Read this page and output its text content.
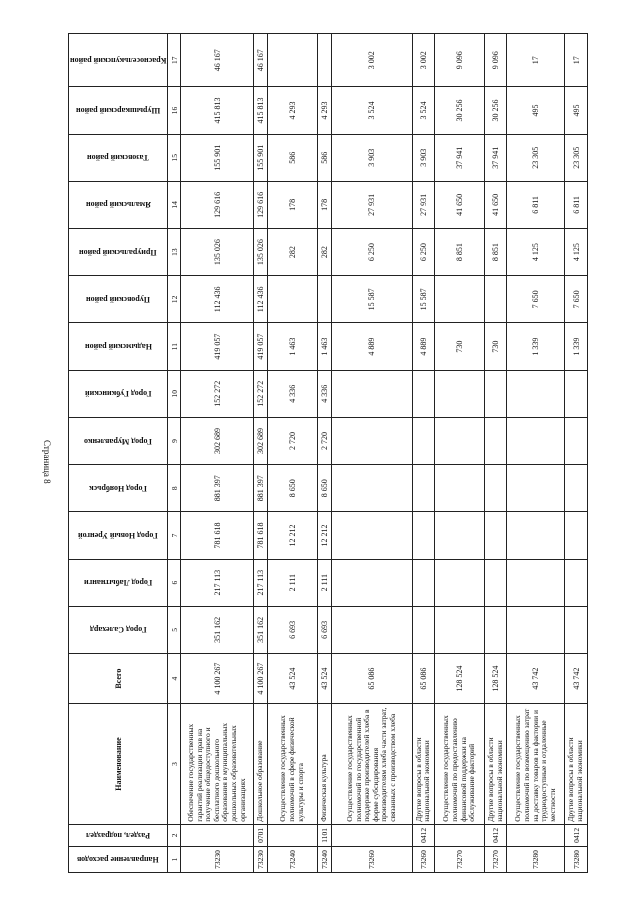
Страница 8
Направление расходов	Раздел, подраздел	Наименование	Всего	Город Салехард	Город Лабытнанги	Город Новый Уренгой	Город Ноябрьск	Город Муравленко	Город Губкинский	Надымский район	Пуровский район	Приуральский район	Ямальский район	Тазовский район	Шурышкарский район	Красноселькупский район

1	2	3	4	5	6	7	8	9	10	11	12	13	14	15	16	17
73230		Обеспечение государственных гарантий реализации прав на получение общедоступного и бесплатного дошкольного образования в муниципальных дошкольных образовательных организациях	4 100 267	351 162	217 113	781 618	881 397	302 689	152 272	419 057	112 436	135 026	129 616	155 901	415 813	46 167
73230	0701	Дошкольное образование	4 100 267	351 162	217 113	781 618	881 397	302 689	152 272	419 057	112 436	135 026	129 616	155 901	415 813	46 167
73240		Осуществление государственных полномочий в сфере физической культуры и спорта	43 524	6 693	2 111	12 212	8 650	2 720	4 336	1 463		282	178	586	4 293	
73240	1101	Физическая культура	43 524	6 693	2 111	12 212	8 650	2 720	4 336	1 463		282	178	586	4 293	
73260		Осуществление государственных полномочий по государственной поддержке производителей хлеба в форме субсидирования производителям хлеба части затрат, связанных с производством хлеба	65 086							4 889	15 587	6 250	27 931	3 903	3 524	3 002
73260	0412	Другие вопросы в области национальной экономики	65 086							4 889	15 587	6 250	27 931	3 903	3 524	3 002
73270		Осуществление государственных полномочий по предоставлению финансовой поддержки на обслуживание факторий	128 524							730		8 851	41 650	37 941	30 256	9 096
73270	0412	Другие вопросы в области национальной экономики	128 524							730		8 851	41 650	37 941	30 256	9 096
73280		Осуществление государственных полномочий по возмещению затрат на доставку товаров на фактории и труднодоступные и отдаленные местности	43 742							1 339	7 650	4 125	6 811	23 305	495	17
73280	0412	Другие вопросы в области национальной экономики	43 742							1 339	7 650	4 125	6 811	23 305	495	17
